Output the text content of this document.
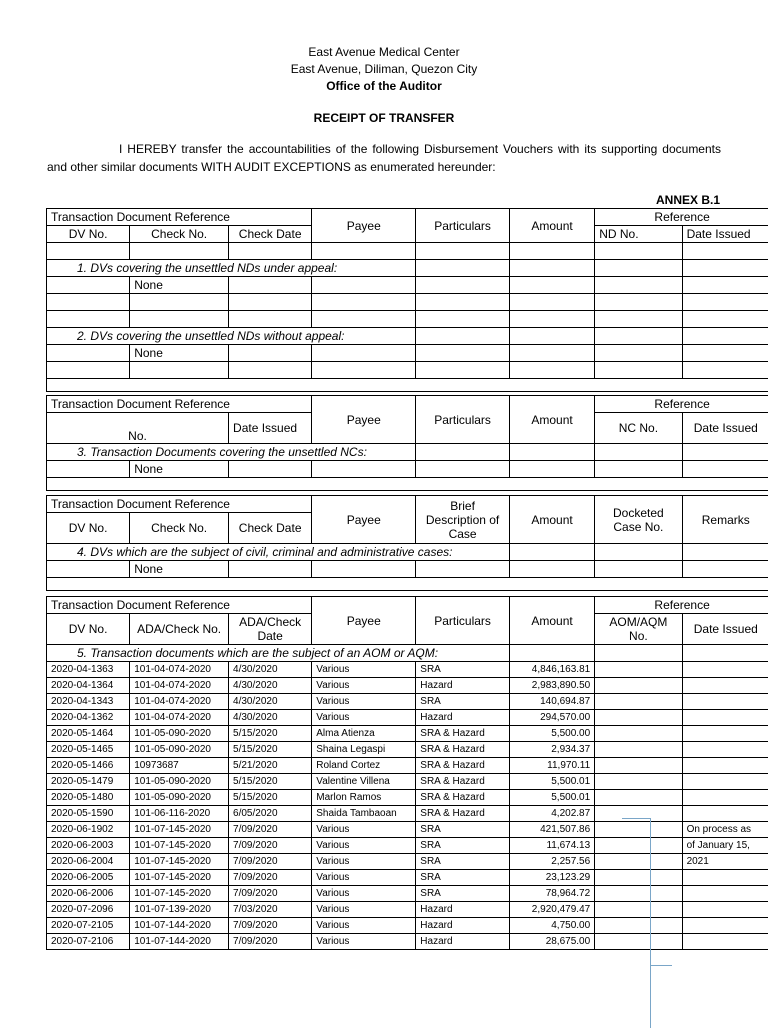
East Avenue Medical Center
East Avenue, Diliman, Quezon City
Office of the Auditor
RECEIPT OF TRANSFER
I HEREBY transfer the accountabilities of the following Disbursement Vouchers with its supporting documents and other similar documents WITH AUDIT EXCEPTIONS as enumerated hereunder:
ANNEX B.1
Transaction Document Reference			Payee	Particulars	Amount	Reference	
DV No.	Check No.	Check Date				ND No.	Date Issued

1. DVs covering the unsettled NDs under appeal:							
	None						

2. DVs covering the unsettled NDs without appeal:							
	None						

Transaction Document Reference			Payee	Particulars	Amount	Reference	
No.		Date Issued				NC No.	Date Issued
3. Transaction Documents covering the unsettled NCs:							
	None						

Transaction Document Reference			Payee	Brief Description of Case	Amount	Docketed Case No.	Remarks
DV No.	Check No.	Check Date					
4. DVs which are the subject of civil, criminal and administrative cases:							
	None						

Transaction Document Reference			Payee	Particulars	Amount	Reference	
DV No.	ADA/Check No.	ADA/Check Date				AOM/AQM No.	Date Issued
5. Transaction documents which are the subject of an AOM or AQM:							
2020-04-1363	101-04-074-2020	4/30/2020	Various	SRA	4,846,163.81		
2020-04-1364	101-04-074-2020	4/30/2020	Various	Hazard	2,983,890.50		
2020-04-1343	101-04-074-2020	4/30/2020	Various	SRA	140,694.87		
2020-04-1362	101-04-074-2020	4/30/2020	Various	Hazard	294,570.00		
2020-05-1464	101-05-090-2020	5/15/2020	Alma Atienza	SRA & Hazard	5,500.00		
2020-05-1465	101-05-090-2020	5/15/2020	Shaina Legaspi	SRA & Hazard	2,934.37		
2020-05-1466	10973687	5/21/2020	Roland Cortez	SRA & Hazard	11,970.11		
2020-05-1479	101-05-090-2020	5/15/2020	Valentine Villena	SRA & Hazard	5,500.01		
2020-05-1480	101-05-090-2020	5/15/2020	Marlon Ramos	SRA & Hazard	5,500.01		
2020-05-1590	101-06-116-2020	6/05/2020	Shaida Tambaoan	SRA & Hazard	4,202.87		
2020-06-1902	101-07-145-2020	7/09/2020	Various	SRA	421,507.86		On process as
2020-06-2003	101-07-145-2020	7/09/2020	Various	SRA	11,674.13		of January 15,
2020-06-2004	101-07-145-2020	7/09/2020	Various	SRA	2,257.56		2021
2020-06-2005	101-07-145-2020	7/09/2020	Various	SRA	23,123.29		
2020-06-2006	101-07-145-2020	7/09/2020	Various	SRA	78,964.72		
2020-07-2096	101-07-139-2020	7/03/2020	Various	Hazard	2,920,479.47		
2020-07-2105	101-07-144-2020	7/09/2020	Various	Hazard	4,750.00		
2020-07-2106	101-07-144-2020	7/09/2020	Various	Hazard	28,675.00		
